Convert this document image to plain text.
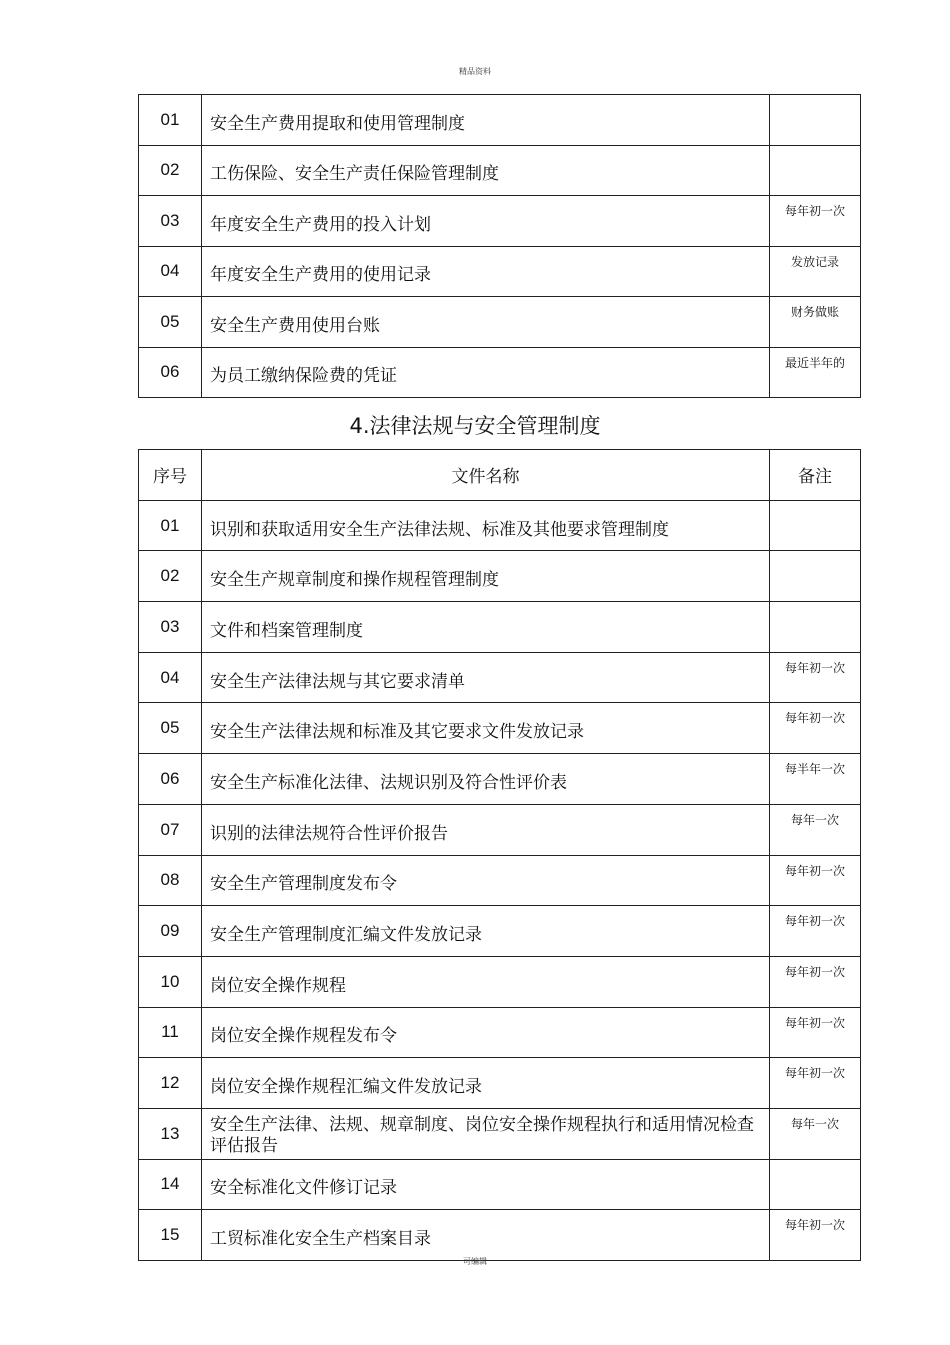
精品资料
01	安全生产费用提取和使用管理制度	
02	工伤保险、安全生产责任保险管理制度	
03	年度安全生产费用的投入计划	每年初一次
04	年度安全生产费用的使用记录	发放记录
05	安全生产费用使用台账	财务做账
06	为员工缴纳保险费的凭证	最近半年的
4.法律法规与安全管理制度
序号	文件名称	备注
01	识别和获取适用安全生产法律法规、标准及其他要求管理制度	
02	安全生产规章制度和操作规程管理制度	
03	文件和档案管理制度	
04	安全生产法律法规与其它要求清单	每年初一次
05	安全生产法律法规和标准及其它要求文件发放记录	每年初一次
06	安全生产标准化法律、法规识别及符合性评价表	每半年一次
07	识别的法律法规符合性评价报告	每年一次
08	安全生产管理制度发布令	每年初一次
09	安全生产管理制度汇编文件发放记录	每年初一次
10	岗位安全操作规程	每年初一次
11	岗位安全操作规程发布令	每年初一次
12	岗位安全操作规程汇编文件发放记录	每年初一次
13	安全生产法律、法规、规章制度、岗位安全操作规程执行和适用情况检查评估报告	每年一次
14	安全标准化文件修订记录	
15	工贸标准化安全生产档案目录	每年初一次
可编辑
